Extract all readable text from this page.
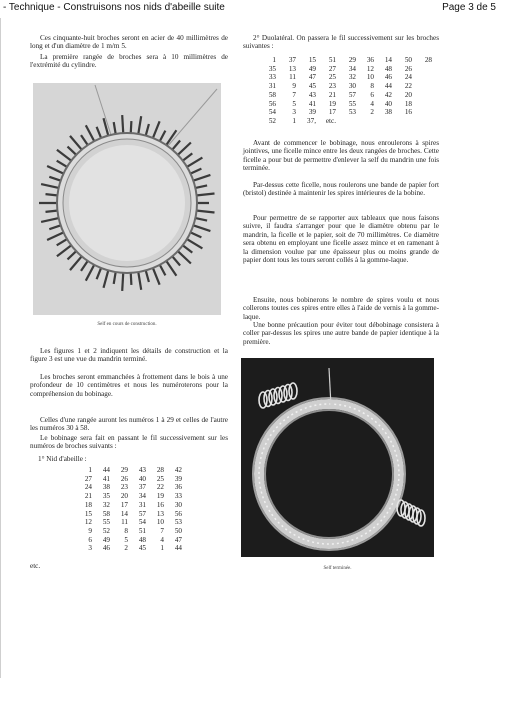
- Technique - Construisons nos nids d'abeille suite	Page 3 de 5

Ces cinquante-huit broches seront en acier de 40 millimètres de long et d'un diamètre de 1 m/m 5.

La première rangée de broches sera à 10 millimètres de l'extrémité du cylindre.

Self en cours de construction.

Les figures 1 et 2 indiquent les détails de construction et la figure 3 est une vue du mandrin terminé.

Les broches seront emmanchées à frottement dans le bois à une profondeur de 10 centimètres et nous les numéroterons pour la compréhension du bobinage.

Celles d'une rangée auront les numéros 1 à 29 et celles de l'autre les numéros 30 à 58.

Le bobinage sera fait en passant le fil successivement sur les numéros de broches suivants :

1° Nid d'abeille :
1	44	29	43	28	42
27	41	26	40	25	39
24	38	23	37	22	36
21	35	20	34	19	33
18	32	17	31	16	30
15	58	14	57	13	56
12	55	11	54	10	53
9	52	8	51	7	50
6	49	5	48	4	47
3	46	2	45	1	44
etc.

2° Duolatéral. On passera le fil successivement sur les broches suivantes :

1	37	15	51	29	36	14	50	28
35	13	49	27	34	12	48	26	
33	11	47	25	32	10	46	24	
31	9	45	23	30	8	44	22	
58	7	43	21	57	6	42	20	
56	5	41	19	55	4	40	18	
54	3	39	17	53	2	38	16	
52	1	37,	etc.					

Avant de commencer le bobinage, nous enroulerons à spires jointives, une ficelle mince entre les deux rangées de broches. Cette ficelle a pour but de permettre d'enlever la self du mandrin une fois terminée.

Par-dessus cette ficelle, nous roulerons une bande de papier fort (bristol) destinée à maintenir les spires intérieures de la bobine.

Pour permettre de se rapporter aux tableaux que nous faisons suivre, il faudra s'arranger pour que le diamètre obtenu par le mandrin, la ficelle et le papier, soit de 70 millimètres. Ce diamètre sera obtenu en employant une ficelle assez mince et en ramenant à la dimension voulue par une épaisseur plus ou moins grande de papier dont tous les tours seront collés à la gomme-laque.

Ensuite, nous bobinerons le nombre de spires voulu et nous collerons toutes ces spires entre elles à l'aide de vernis à la gomme-laque.

Une bonne précaution pour éviter tout débobinage consistera à coller par-dessus les spires une autre bande de papier identique à la première.

Self terminée.
